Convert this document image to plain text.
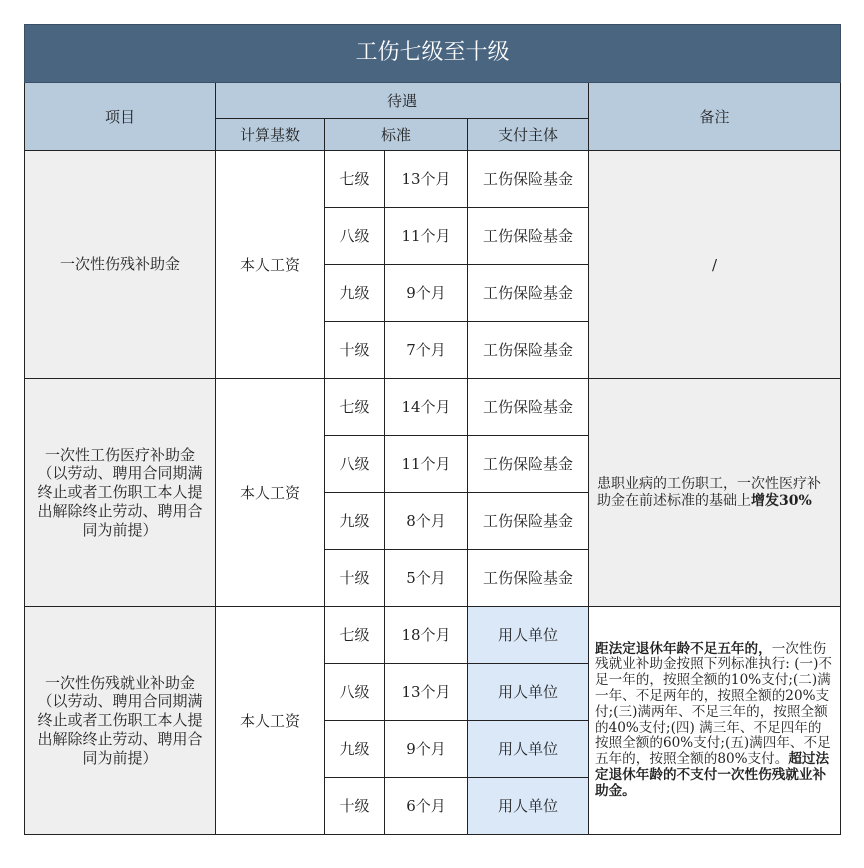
工伤七级至十级					
项目	待遇				备注
	计算基数	标准		支付主体	

一次性伤残补助金	本人工资	七级	13个月	工伤保险基金	/
		八级	11个月	工伤保险基金	
		九级	9个月	工伤保险基金	
		十级	7个月	工伤保险基金	

一次性工伤医疗补助金
（以劳动、聘用合同期满
终止或者工伤职工本人提
出解除终止劳动、聘用合
同为前提）	本人工资	七级	14个月	工伤保险基金	患职业病的工伤职工，一次性医疗补助金在前述标准的基础上增发30%
		八级	11个月	工伤保险基金	
		九级	8个月	工伤保险基金	
		十级	5个月	工伤保险基金	

一次性伤残就业补助金
（以劳动、聘用合同期满
终止或者工伤职工本人提
出解除终止劳动、聘用合
同为前提）	本人工资	七级	18个月	用人单位	距法定退休年龄不足五年的，一次性伤残就业补助金按照下列标准执行: (一)不足一年的，按照全额的10%支付;(二)满一年、不足两年的，按照全额的20%支付;(三)满两年、不足三年的，按照全额的40%支付;(四) 满三年、不足四年的按照全额的60%支付;(五)满四年、不足五年的，按照全额的80%支付。超过法定退休年龄的不支付一次性伤残就业补助金。
		八级	13个月	用人单位	
		九级	9个月	用人单位	
		十级	6个月	用人单位	
